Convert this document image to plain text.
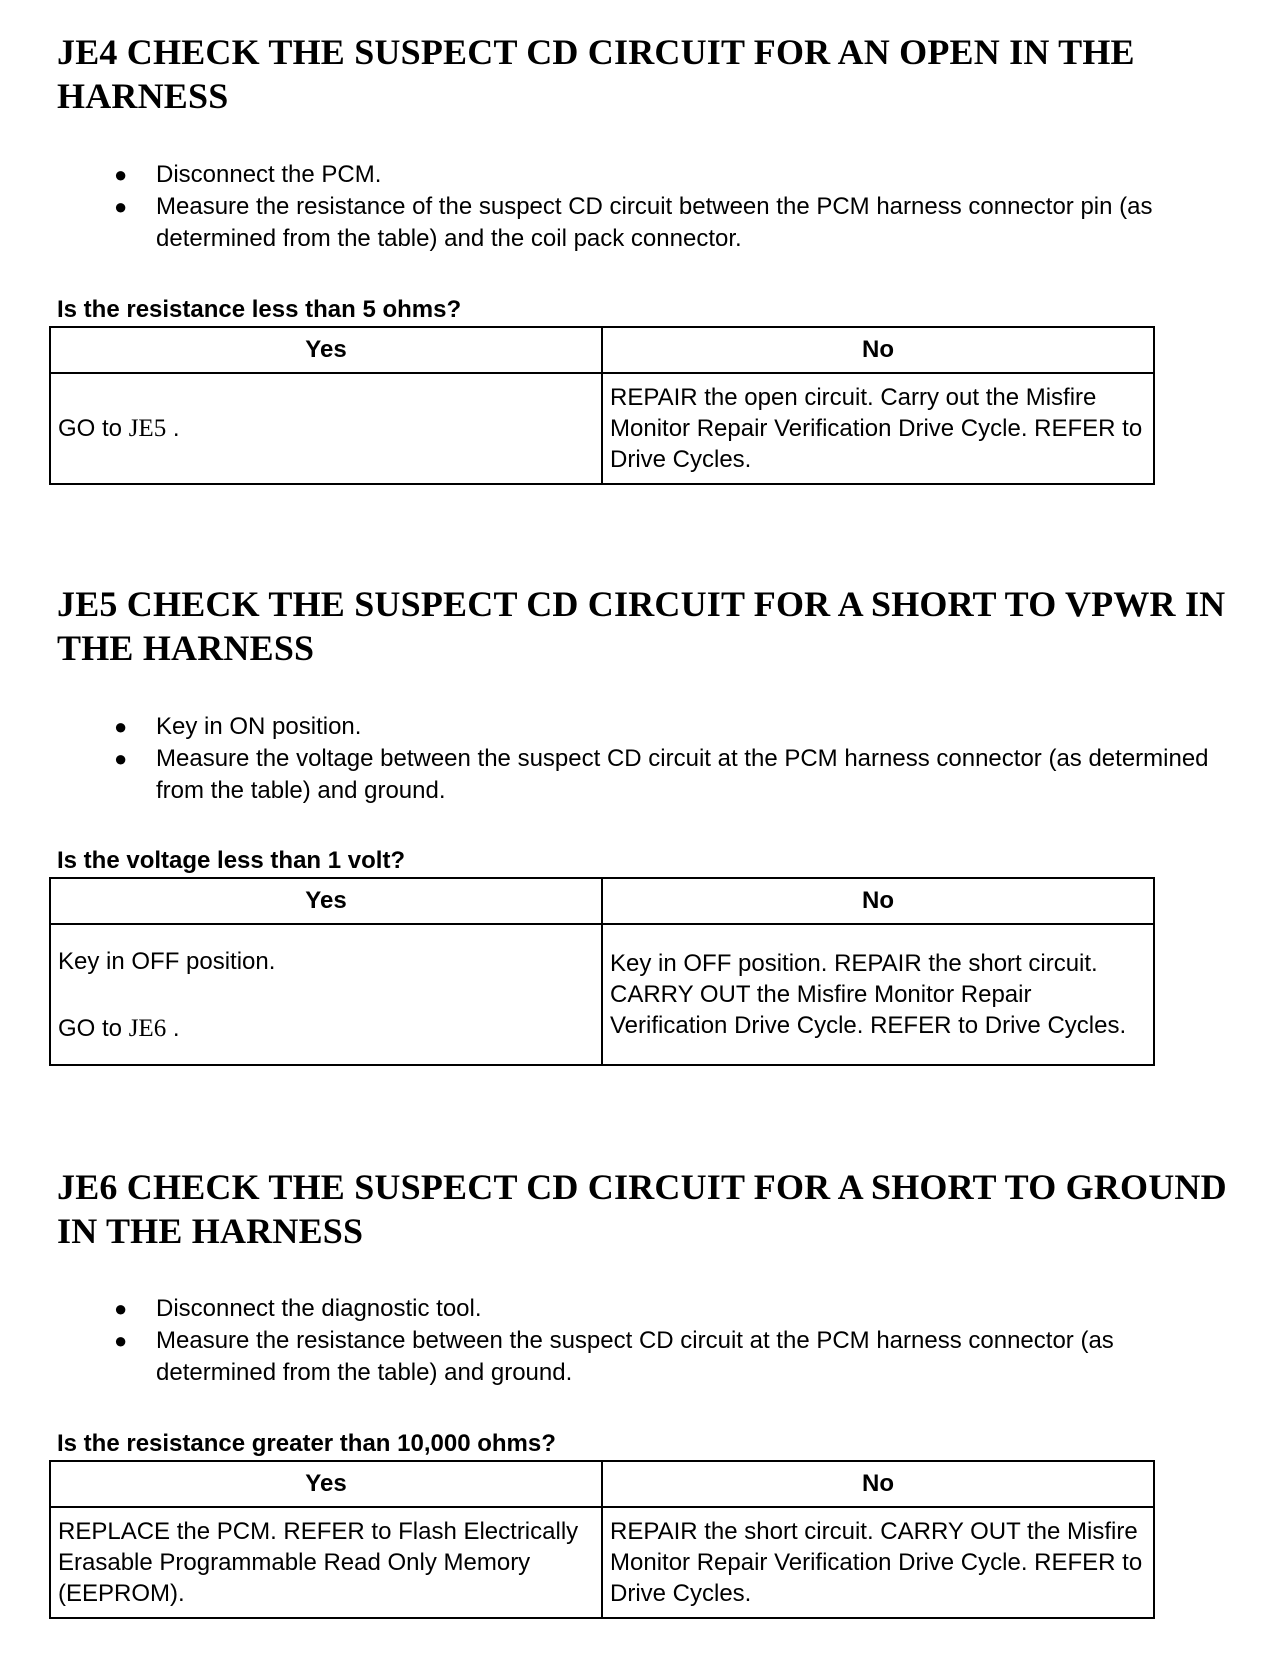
JE4 CHECK THE SUSPECT CD CIRCUIT FOR AN OPEN IN THE HARNESS
● Disconnect the PCM.
● Measure the resistance of the suspect CD circuit between the PCM harness connector pin (as determined from the table) and the coil pack connector.
Is the resistance less than 5 ohms?
Yes	No
GO to JE5 .	REPAIR the open circuit. Carry out the Misfire Monitor Repair Verification Drive Cycle. REFER to Drive Cycles.
JE5 CHECK THE SUSPECT CD CIRCUIT FOR A SHORT TO VPWR IN THE HARNESS
● Key in ON position.
● Measure the voltage between the suspect CD circuit at the PCM harness connector (as determined from the table) and ground.
Is the voltage less than 1 volt?
Yes	No

Key in OFF position.
GO to JE6 .	Key in OFF position. REPAIR the short circuit. CARRY OUT the Misfire Monitor Repair Verification Drive Cycle. REFER to Drive Cycles.
JE6 CHECK THE SUSPECT CD CIRCUIT FOR A SHORT TO GROUND IN THE HARNESS
● Disconnect the diagnostic tool.
● Measure the resistance between the suspect CD circuit at the PCM harness connector (as determined from the table) and ground.
Is the resistance greater than 10,000 ohms?
Yes	No
REPLACE the PCM. REFER to Flash Electrically Erasable Programmable Read Only Memory (EEPROM).	REPAIR the short circuit. CARRY OUT the Misfire Monitor Repair Verification Drive Cycle. REFER to Drive Cycles.
